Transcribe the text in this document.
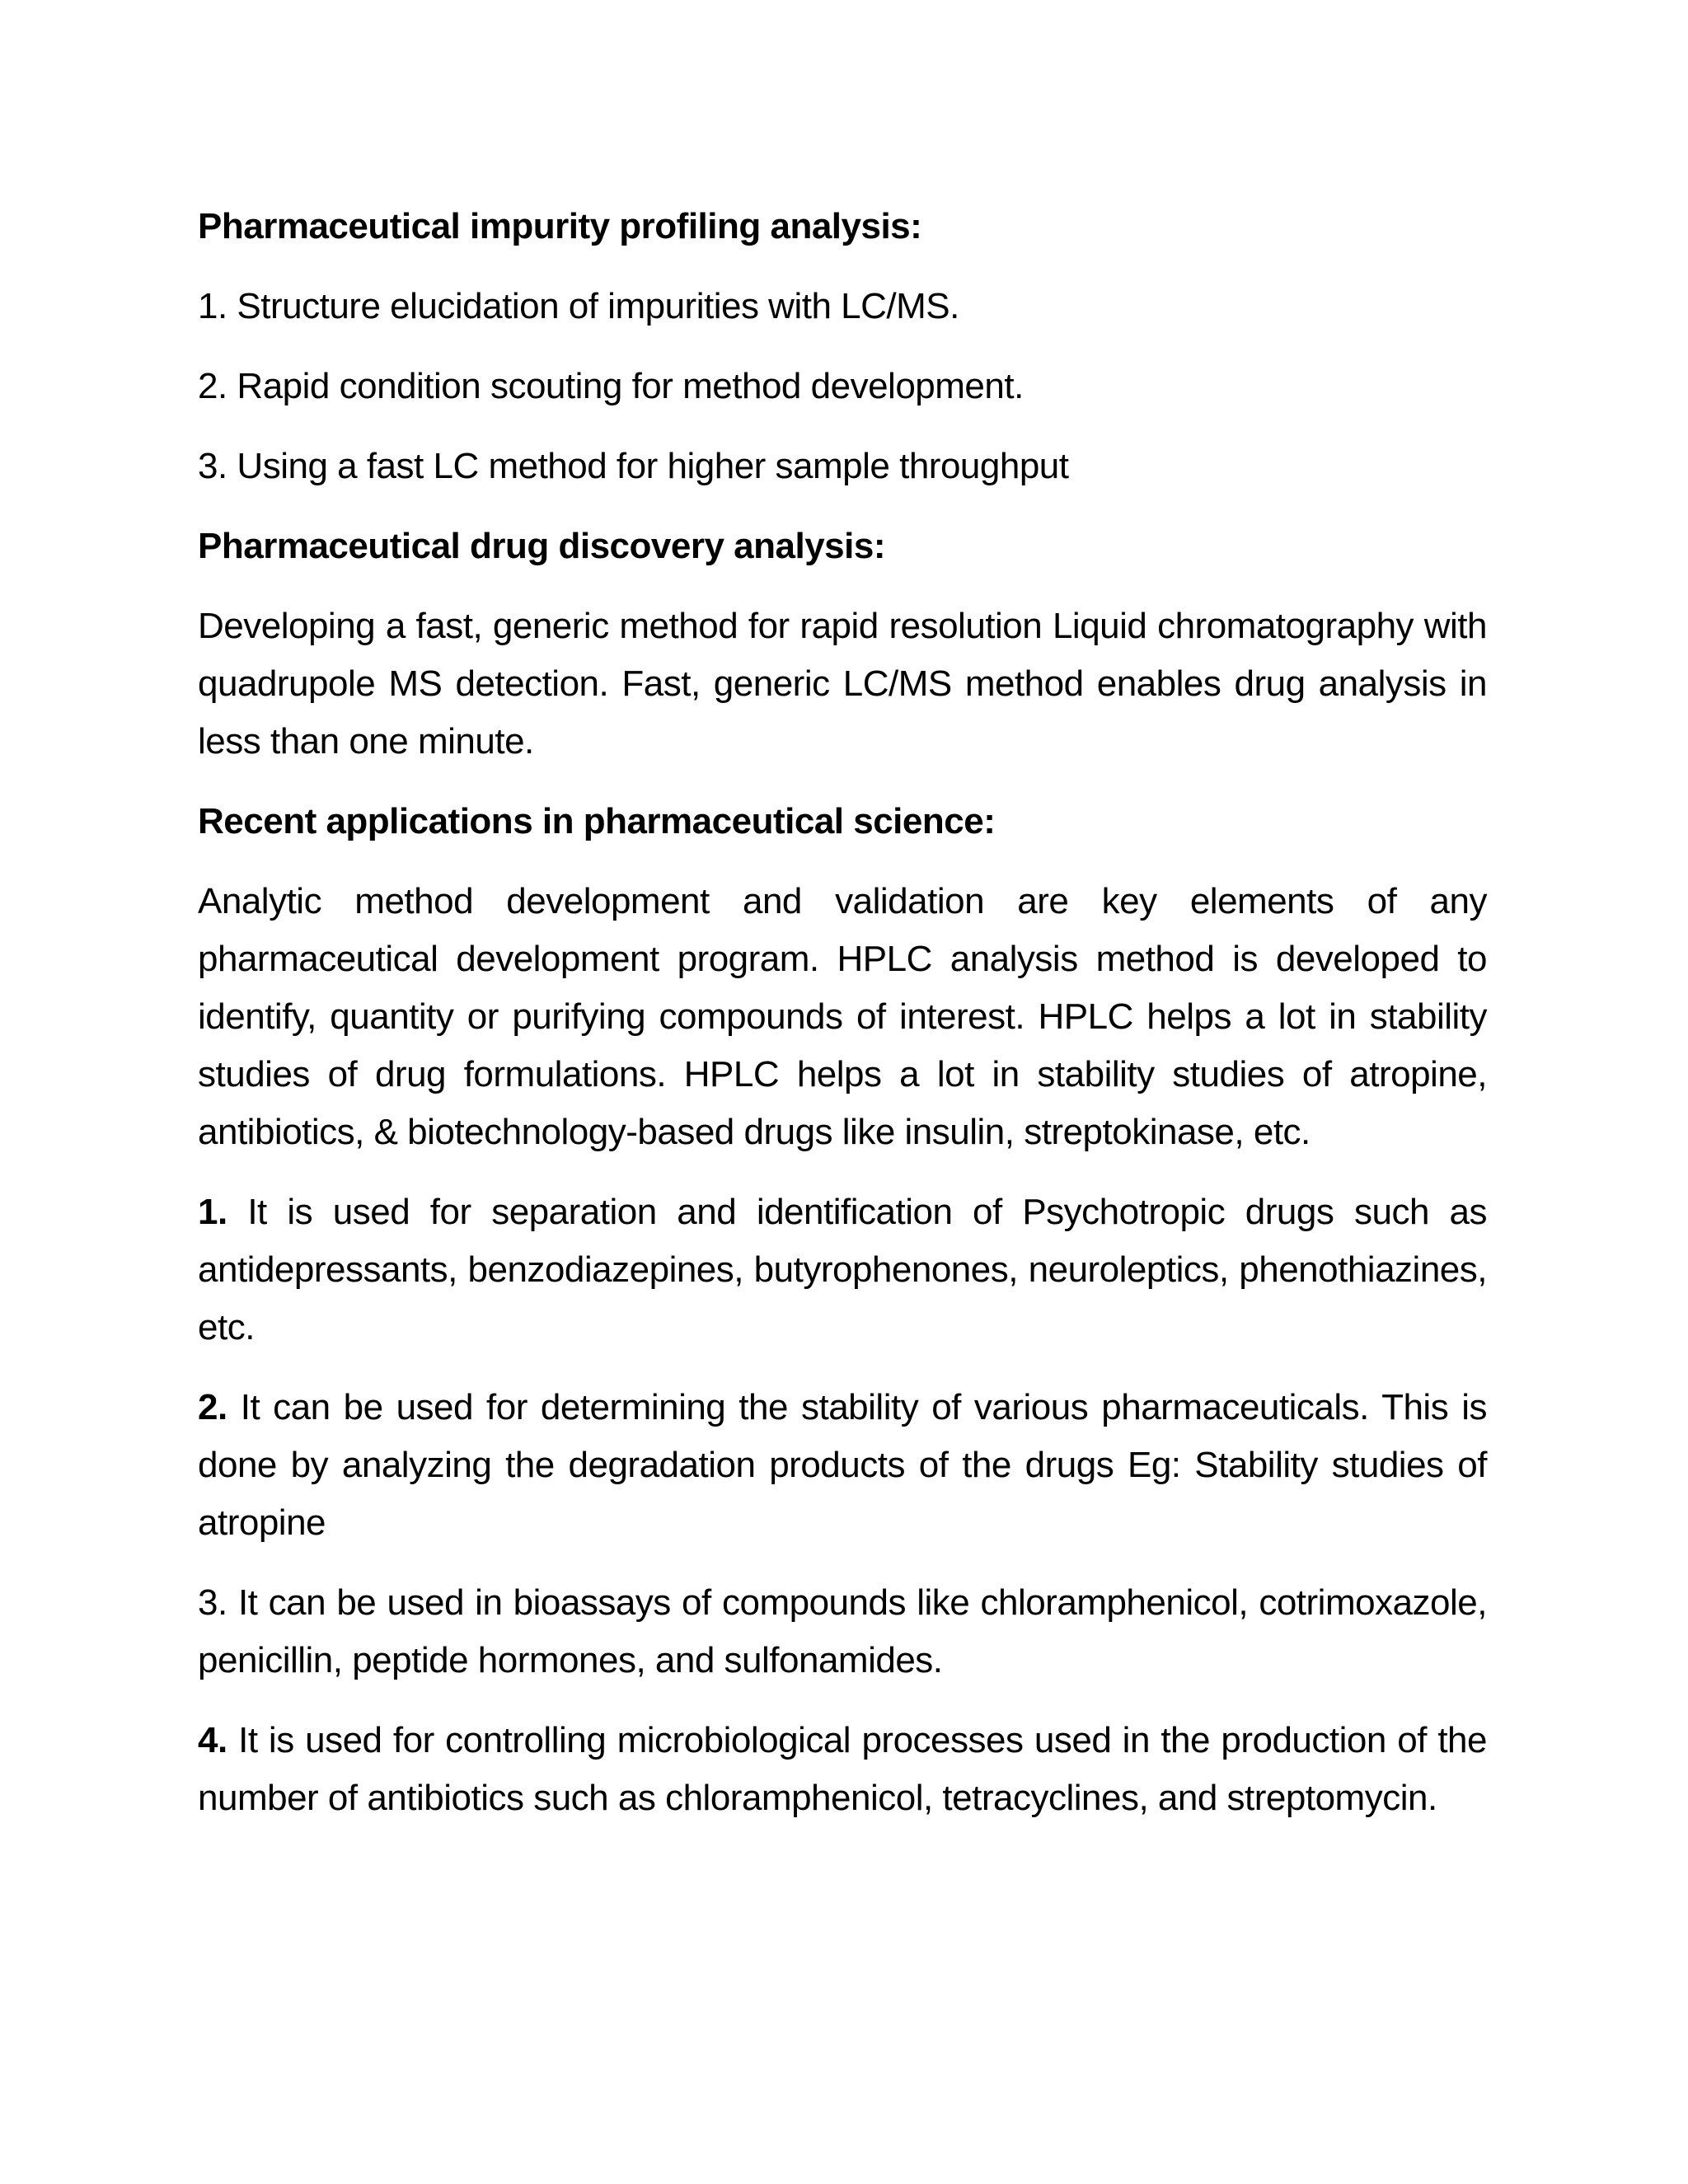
Pharmaceutical impurity profiling analysis:
1. Structure elucidation of impurities with LC/MS.
2. Rapid condition scouting for method development.
3. Using a fast LC method for higher sample throughput
Pharmaceutical drug discovery analysis:
Developing a fast, generic method for rapid resolution Liquid chromatography with quadrupole MS detection. Fast, generic LC/MS method enables drug analysis in less than one minute.
Recent applications in pharmaceutical science:
Analytic method development and validation are key elements of any pharmaceutical development program. HPLC analysis method is developed to identify, quantity or purifying compounds of interest. HPLC helps a lot in stability studies of drug formulations. HPLC helps a lot in stability studies of atropine, antibiotics, & biotechnology-based drugs like insulin, streptokinase, etc.
1. It is used for separation and identification of Psychotropic drugs such as antidepressants, benzodiazepines, butyrophenones, neuroleptics, phenothiazines, etc.
2. It can be used for determining the stability of various pharmaceuticals. This is done by analyzing the degradation products of the drugs Eg: Stability studies of atropine
3. It can be used in bioassays of compounds like chloramphenicol, cotrimoxazole, penicillin, peptide hormones, and sulfonamides.
4. It is used for controlling microbiological processes used in the production of the number of antibiotics such as chloramphenicol, tetracyclines, and streptomycin.
